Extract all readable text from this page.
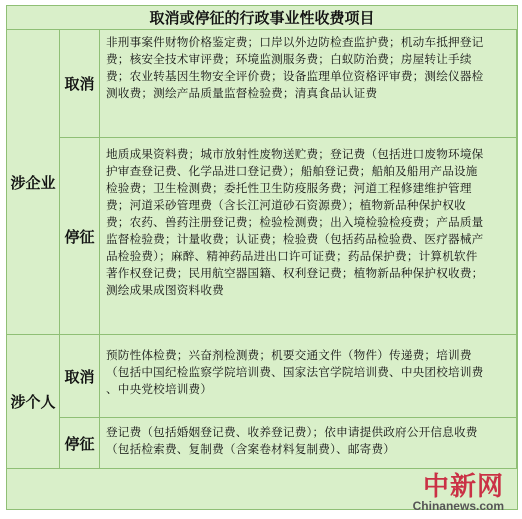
取消或停征的行政事业性收费项目
涉企业
取消
非刑事案件财物价格鉴定费；口岸以外边防检查监护费；机动车抵押登记
费；核安全技术审评费；环境监测服务费；白蚁防治费；房屋转让手续
费；农业转基因生物安全评价费；设备监理单位资格评审费；测绘仪器检
测收费；测绘产品质量监督检验费；清真食品认证费
停征
地质成果资料费；城市放射性废物送贮费；登记费（包括进口废物环境保
护审查登记费、化学品进口登记费）；船舶登记费；船舶及船用产品设施
检验费；卫生检测费；委托性卫生防疫服务费；河道工程修建维护管理
费；河道采砂管理费（含长江河道砂石资源费）；植物新品种保护权收
费；农药、兽药注册登记费；检验检测费；出入境检验检疫费；产品质量
监督检验费；计量收费；认证费；检验费（包括药品检验费、医疗器械产
品检验费）；麻醉、精神药品进出口许可证费；药品保护费；计算机软件
著作权登记费；民用航空器国籍、权利登记费；植物新品种保护权收费；
测绘成果成图资料收费
涉个人
取消
预防性体检费；兴奋剂检测费；机要交通文件（物件）传递费；培训费
（包括中国纪检监察学院培训费、国家法官学院培训费、中央团校培训费
、中央党校培训费）
停征
登记费（包括婚姻登记费、收养登记费）；依申请提供政府公开信息收费
（包括检索费、复制费（含案卷材料复制费）、邮寄费）
中新网
Chinanews.com
